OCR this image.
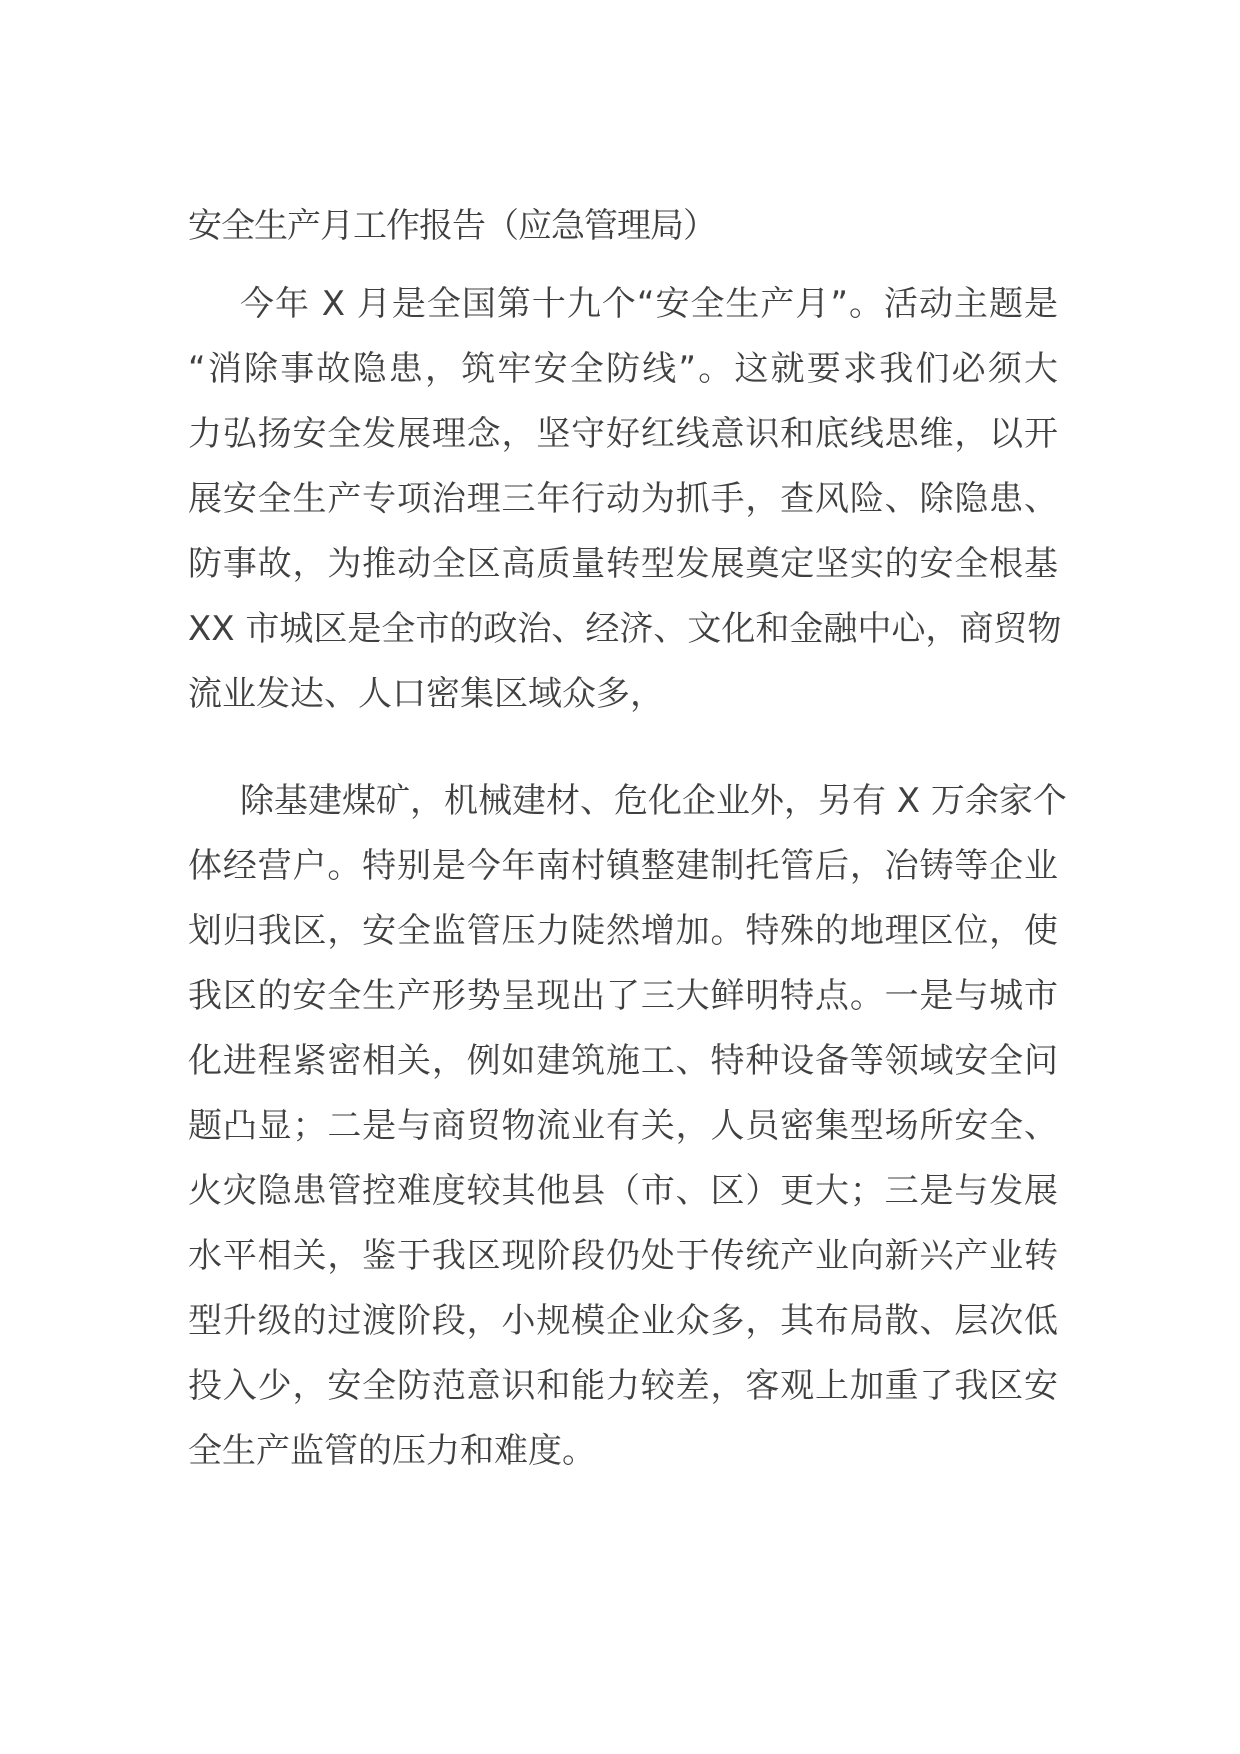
安全生产月工作报告（应急管理局）
今年 X 月是全国第十九个“安全生产月”。活动主题是
“消除事故隐患，筑牢安全防线”。这就要求我们必须大
力弘扬安全发展理念，坚守好红线意识和底线思维，以开
展安全生产专项治理三年行动为抓手，查风险、除隐患、
防事故，为推动全区高质量转型发展奠定坚实的安全根基
XX 市城区是全市的政治、经济、文化和金融中心，商贸物
流业发达、人口密集区域众多，
除基建煤矿，机械建材、危化企业外，另有 X 万余家个
体经营户。特别是今年南村镇整建制托管后，冶铸等企业
划归我区，安全监管压力陡然增加。特殊的地理区位，使
我区的安全生产形势呈现出了三大鲜明特点。一是与城市
化进程紧密相关，例如建筑施工、特种设备等领域安全问
题凸显；二是与商贸物流业有关，人员密集型场所安全、
火灾隐患管控难度较其他县（市、区）更大；三是与发展
水平相关，鉴于我区现阶段仍处于传统产业向新兴产业转
型升级的过渡阶段，小规模企业众多，其布局散、层次低
投入少，安全防范意识和能力较差，客观上加重了我区安
全生产监管的压力和难度。
